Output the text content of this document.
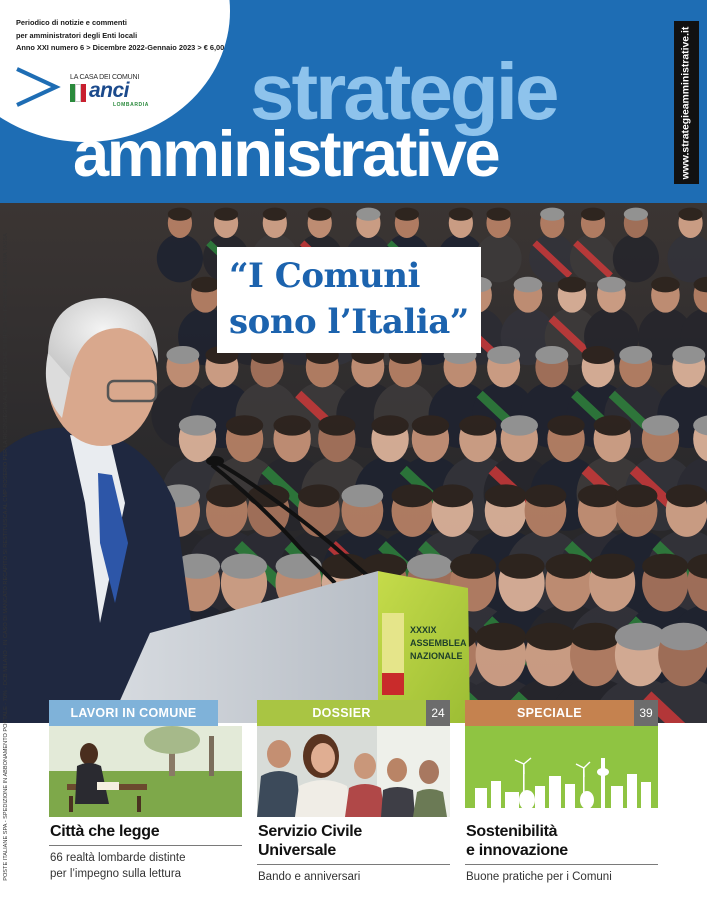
Periodico di notizie e commenti
per amministratori degli Enti locali
Anno XXI numero 6 > Dicembre 2022-Gennaio 2023 > € 6,00
LA CASA DEI COMUNI
anci
LOMBARDIA strategie
amministrative	www.strategieamministrative.it
XXXIX
ASSEMBLEA
NAZIONALE
“I Comuni
sono l’Italia”
POSTE ITALIANE SPA - SPEDIZIONE IN ABBONAMENTO POSTALE - 70% - DCB MILANO - IN CASO DI MANCATO RECAPITO SI RESTITUISCA AL CMP ROSERIO PER LA RICONSEGNA AL MITTENTE CHE SI IMPEGNA A PAGARE LA RELATIVA TASSA	LAVORI IN COMUNE
Città che legge
66 realtà lombarde distinte
per l’impegno sulla lettura
DOSSIER	24
Servizio Civile
Universale
Bando e anniversari
SPECIALE	39
Sostenibilità
e innovazione
Buone pratiche per i Comuni
